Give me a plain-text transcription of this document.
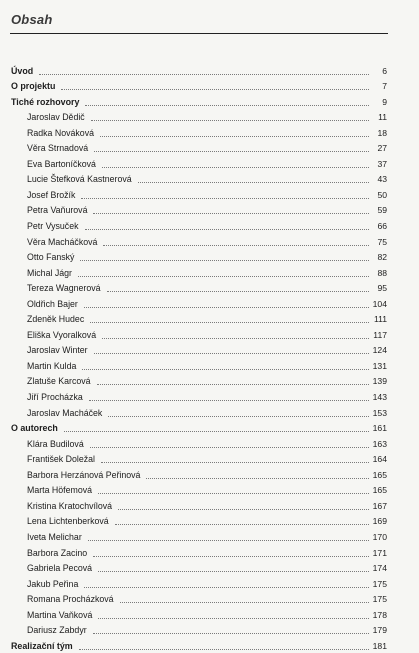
Obsah
Úvod	6
O projektu	7
Tiché rozhovory	9
Jaroslav Dědič	11
Radka Nováková	18
Věra Strnadová	27
Eva Bartoníčková	37
Lucie Štefková Kastnerová	43
Josef Brožík	50
Petra Vaňurová	59
Petr Vysuček	66
Věra Macháčková	75
Otto Fanský	82
Michal Jágr	88
Tereza Wagnerová	95
Oldřich Bajer	104
Zdeněk Hudec	111
Eliška Vyoralková	117
Jaroslav Winter	124
Martin Kulda	131
Zlatuše Karcová	139
Jiří Procházka	143
Jaroslav Macháček	153
O autorech	161
Klára Budilová	163
František Doležal	164
Barbora Herzánová Peřinová	165
Marta Höfemová	165
Kristina Kratochvílová	167
Lena Lichtenberková	169
Iveta Melichar	170
Barbora Zacino	171
Gabriela Pecová	174
Jakub Peřina	175
Romana Procházková	175
Martina Vaňková	178
Dariusz Zabdyr	179
Realizační tým	181
